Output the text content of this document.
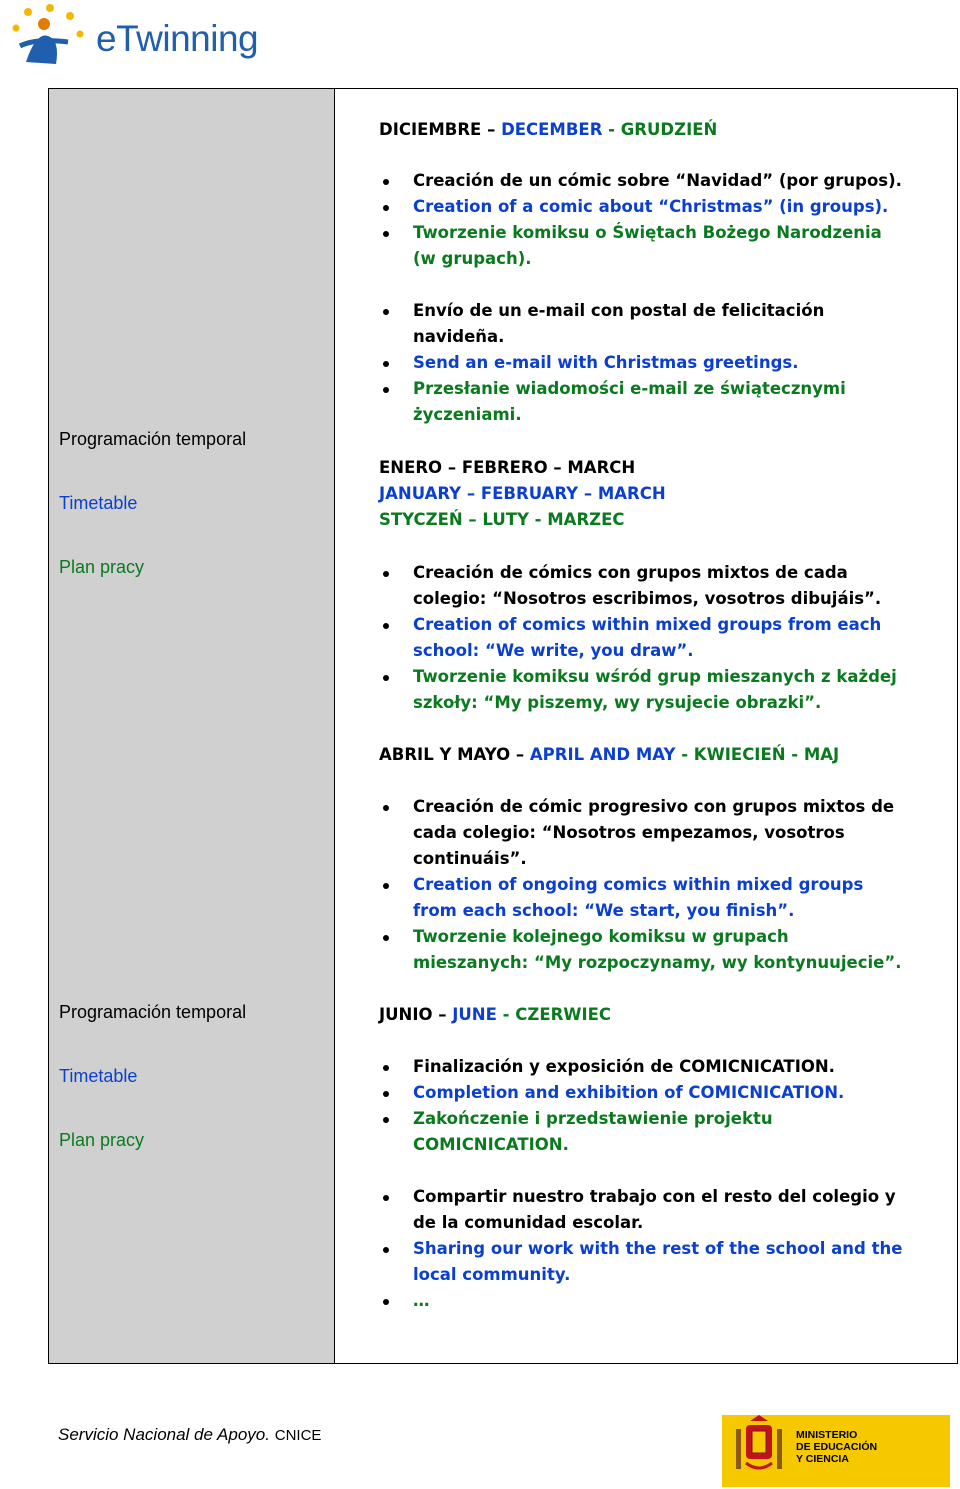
eTwinning
Programación temporal
Timetable
Plan pracy
Programación temporal
Timetable
Plan pracy
DICIEMBRE – DECEMBER - GRUDZIEŃ
Creación de un cómic sobre “Navidad” (por grupos).
Creation of a comic about “Christmas” (in groups).
Tworzenie komiksu o Świętach Bożego Narodzenia
(w grupach).
Envío de un e-mail con postal de felicitación
navideña.
Send an e-mail with Christmas greetings.
Przesłanie wiadomości e-mail ze świątecznymi
życzeniami.
ENERO – FEBRERO – MARCH
JANUARY – FEBRUARY – MARCH
STYCZEŃ – LUTY - MARZEC
Creación de cómics con grupos mixtos de cada
colegio: “Nosotros escribimos, vosotros dibujáis”.
Creation of comics within mixed groups from each
school: “We write, you draw”.
Tworzenie komiksu wśród grup mieszanych z każdej
szkoły: “My piszemy, wy rysujecie obrazki”.
ABRIL Y MAYO – APRIL AND MAY - KWIECIEŃ - MAJ
Creación de cómic progresivo con grupos mixtos de
cada colegio: “Nosotros empezamos, vosotros
continuáis”.
Creation of ongoing comics within mixed groups
from each school: “We start, you finish”.
Tworzenie kolejnego komiksu w grupach
mieszanych: “My rozpoczynamy, wy kontynuujecie”.
JUNIO – JUNE - CZERWIEC
Finalización y exposición de COMICNICATION.
Completion and exhibition of COMICNICATION.
Zakończenie i przedstawienie projektu
COMICNICATION.
Compartir nuestro trabajo con el resto del colegio y
de la comunidad escolar.
Sharing our work with the rest of the school and the
local community.
…
Servicio Nacional de Apoyo. CNICE	MINISTERIO
DE EDUCACIÓN
Y CIENCIA
